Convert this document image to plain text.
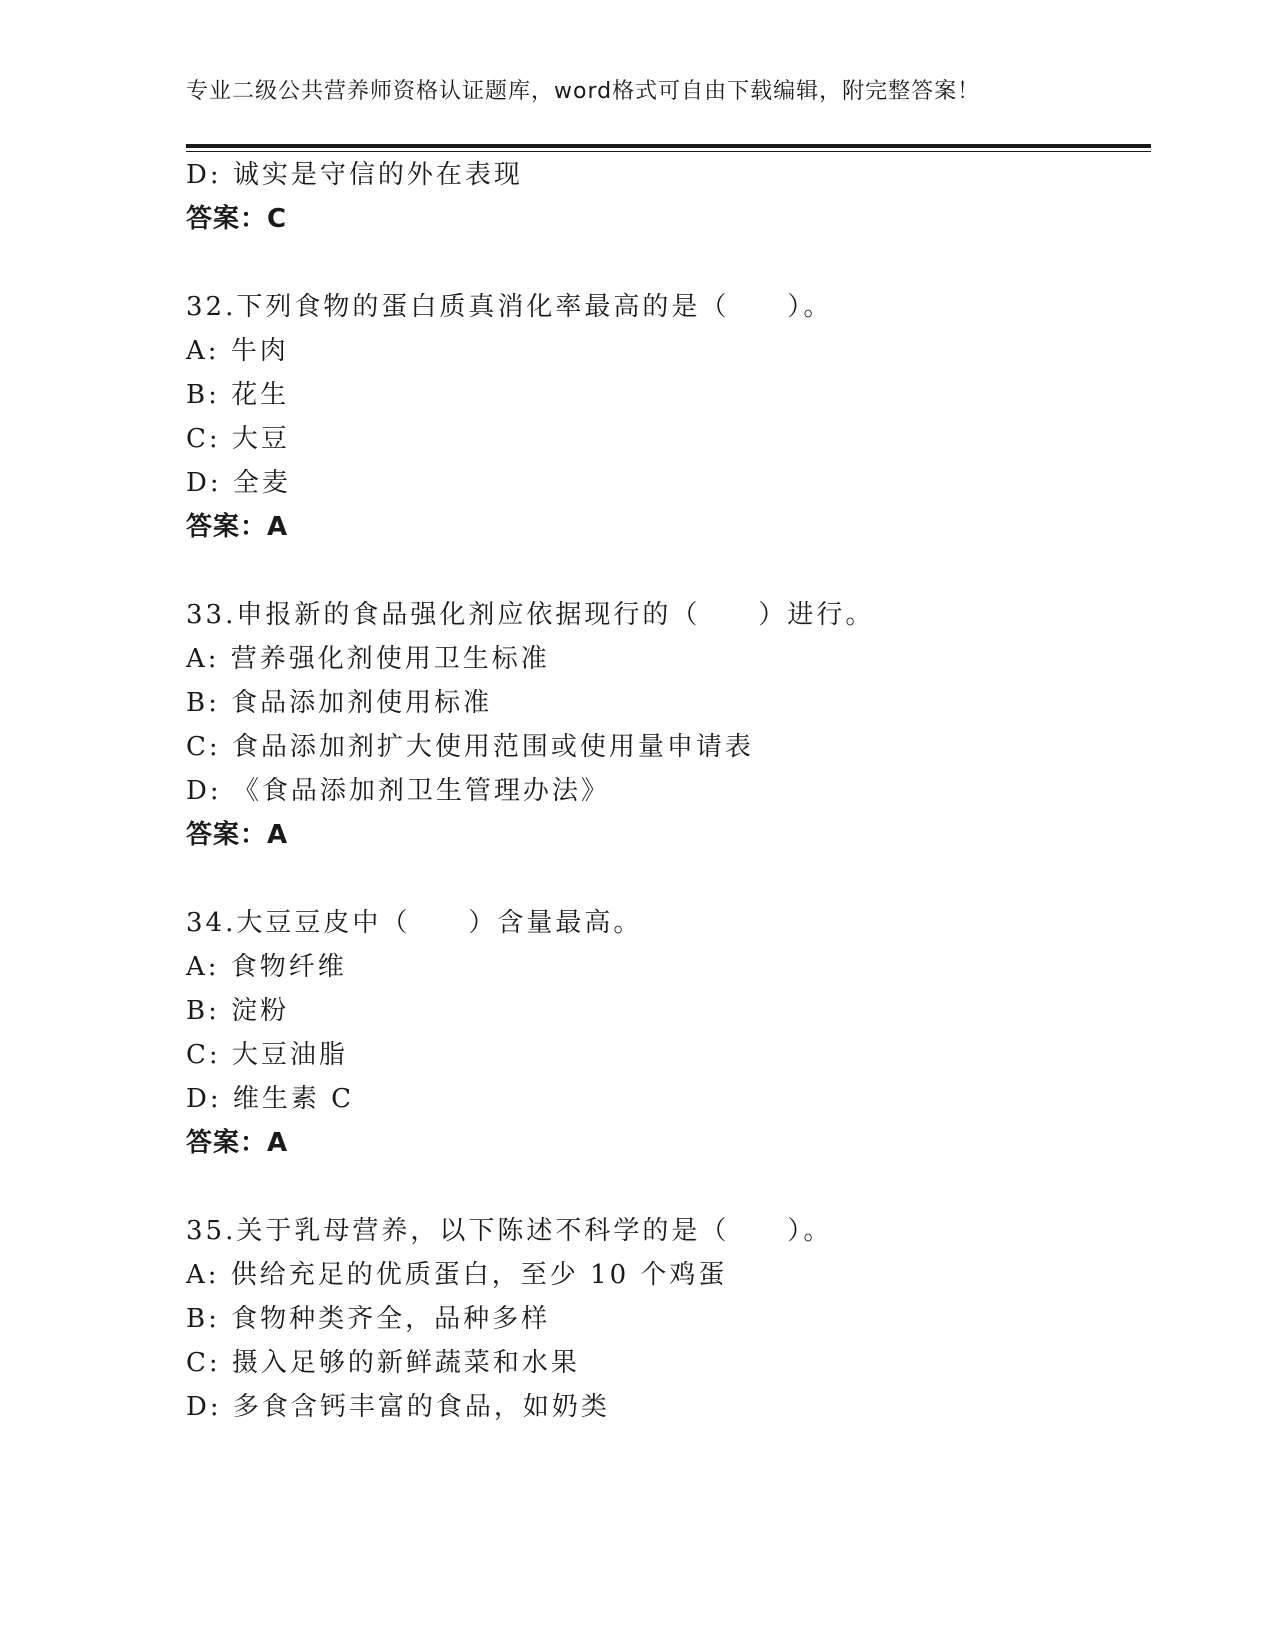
专业二级公共营养师资格认证题库，word格式可自由下载编辑，附完整答案！
D: 诚实是守信的外在表现
答案：C
32.下列食物的蛋白质真消化率最高的是（　　）。
A: 牛肉
B: 花生
C: 大豆
D: 全麦
答案：A
33.申报新的食品强化剂应依据现行的（　　）进行。
A: 营养强化剂使用卫生标准
B: 食品添加剂使用标准
C: 食品添加剂扩大使用范围或使用量申请表
D: 《食品添加剂卫生管理办法》
答案：A
34.大豆豆皮中（　　）含量最高。
A: 食物纤维
B: 淀粉
C: 大豆油脂
D: 维生素 C
答案：A
35.关于乳母营养，以下陈述不科学的是（　　）。
A: 供给充足的优质蛋白，至少 10 个鸡蛋
B: 食物种类齐全，品种多样
C: 摄入足够的新鲜蔬菜和水果
D: 多食含钙丰富的食品，如奶类
